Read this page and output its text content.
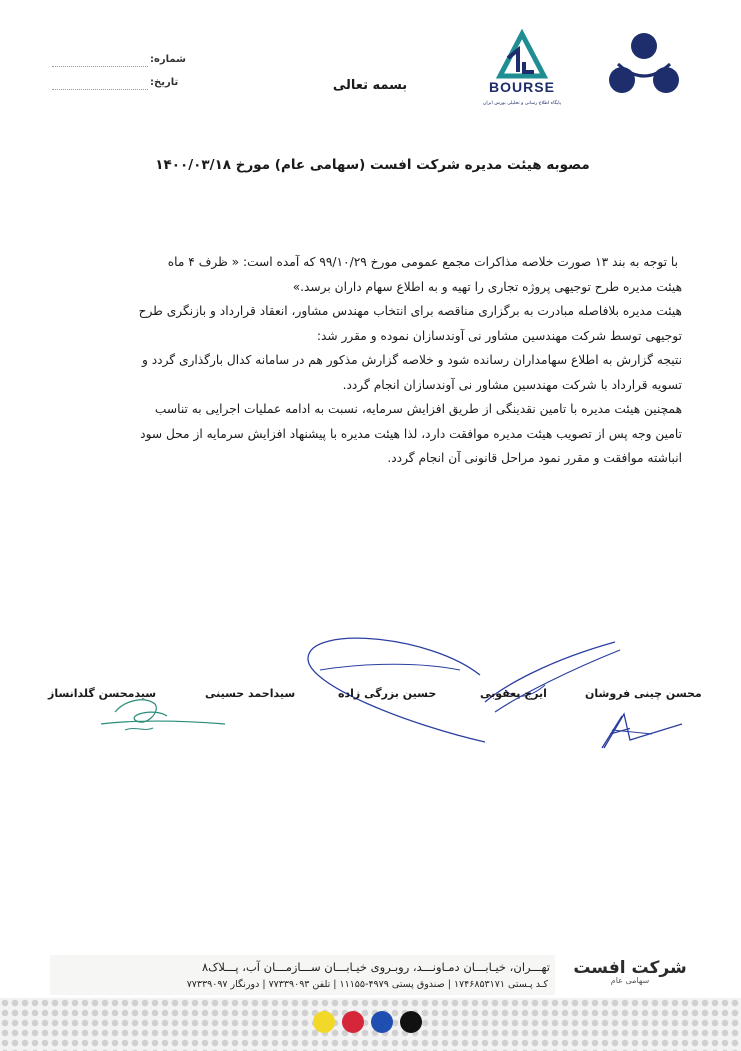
شماره:
تاریخ:	بسمه تعالی	BOURSE
پایگاه اطلاع رسانی و تحلیلی بورس ایران
مصوبه هیئت مدیره شرکت افست (سهامی عام) مورخ ۱۴۰۰/۰۳/۱۸

با توجه به بند ۱۳ صورت خلاصه مذاکرات مجمع عمومی مورخ ۹۹/۱۰/۲۹ که آمده است: « ظرف ۴ ماه

هیئت مدیره طرح توجیهی پروژه تجاری را تهیه و به اطلاع سهام داران برسد.»

هیئت مدیره بلافاصله مبادرت به برگزاری مناقصه برای انتخاب مهندس مشاور، انعقاد قرارداد و بازنگری طرح

توجیهی توسط شرکت مهندسین مشاور نی آوندسازان نموده و مقرر شد:

نتیجه گزارش به اطلاع سهامداران رسانده شود و خلاصه گزارش مذکور هم در سامانه کدال بارگذاری گردد و

تسویه قرارداد با شرکت مهندسین مشاور نی آوندسازان انجام گردد.

همچنین هیئت مدیره با تامین نقدینگی از طریق افزایش سرمایه، نسبت به ادامه عملیات اجرایی به تناسب

تامین وجه پس از تصویب هیئت مدیره موافقت دارد، لذا هیئت مدیره با پیشنهاد افزایش سرمایه از محل سود

انباشته موافقت و مقرر نمود مراحل قانونی آن انجام گردد.

محسن چینی فروشان
ایرج یعقوبی
حسین بزرگی زاده
سیداحمد حسینی
سیدمحسن گلدانساز
تهـــران، خیـابـــان دمـاونـــد، روبـروی خیـابـــان ســـازمـــان آب، پـــلاک۸
کـد پـستی ۱۷۴۶۸۵۳۱۷۱ | صندوق پستی ۴۹۷۹-۱۱۱۵۵ | تلفن ۷۷۳۳۹۰۹۳ | دورنگار ۷۷۳۳۹۰۹۷
شرکت افست
سهامی عام
